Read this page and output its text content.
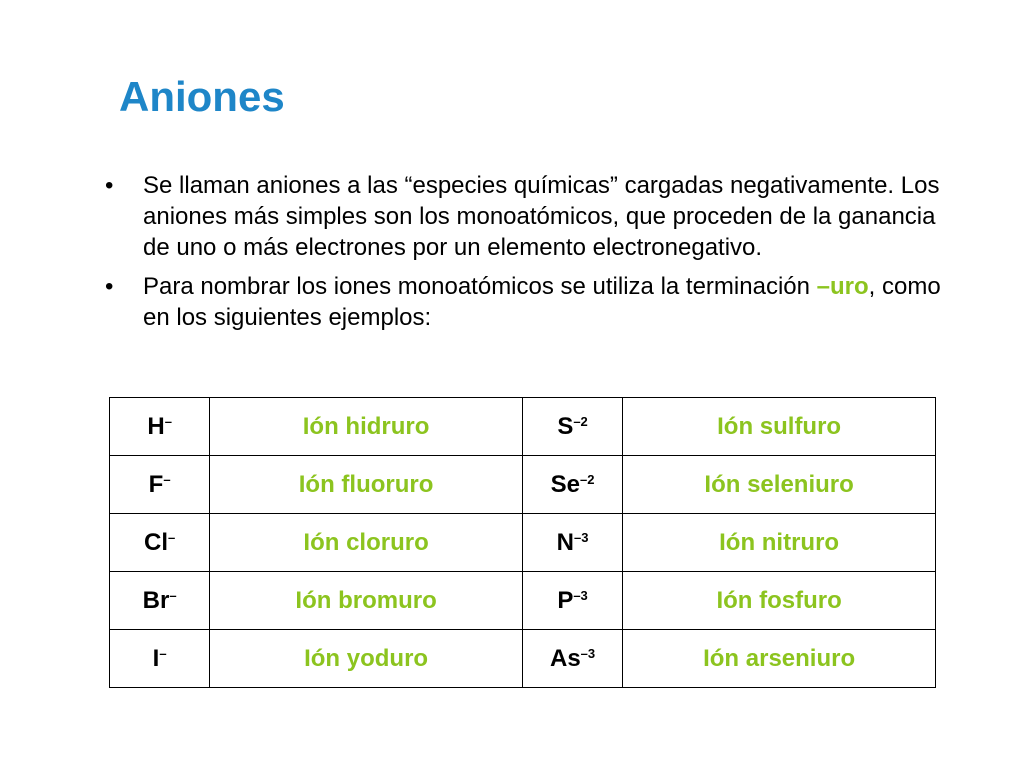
Aniones
• Se llaman aniones a las “especies químicas” cargadas negativamente. Los aniones más simples son los monoatómicos, que proceden de la ganancia de uno o más electrones por un elemento electronegativo.
• Para nombrar los iones monoatómicos se utiliza la terminación –uro, como en los siguientes ejemplos:
H–	Ión hidruro	$S^{-2}$	Ión sulfuro
F–	Ión fluoruro	$Se^{-2}$	Ión seleniuro
Cl–	Ión cloruro	$N^{-3}$	Ión nitruro
Br–	Ión bromuro	$P^{-3}$	Ión fosfuro
I–	Ión yoduro	$As^{-3}$	Ión arseniuro
